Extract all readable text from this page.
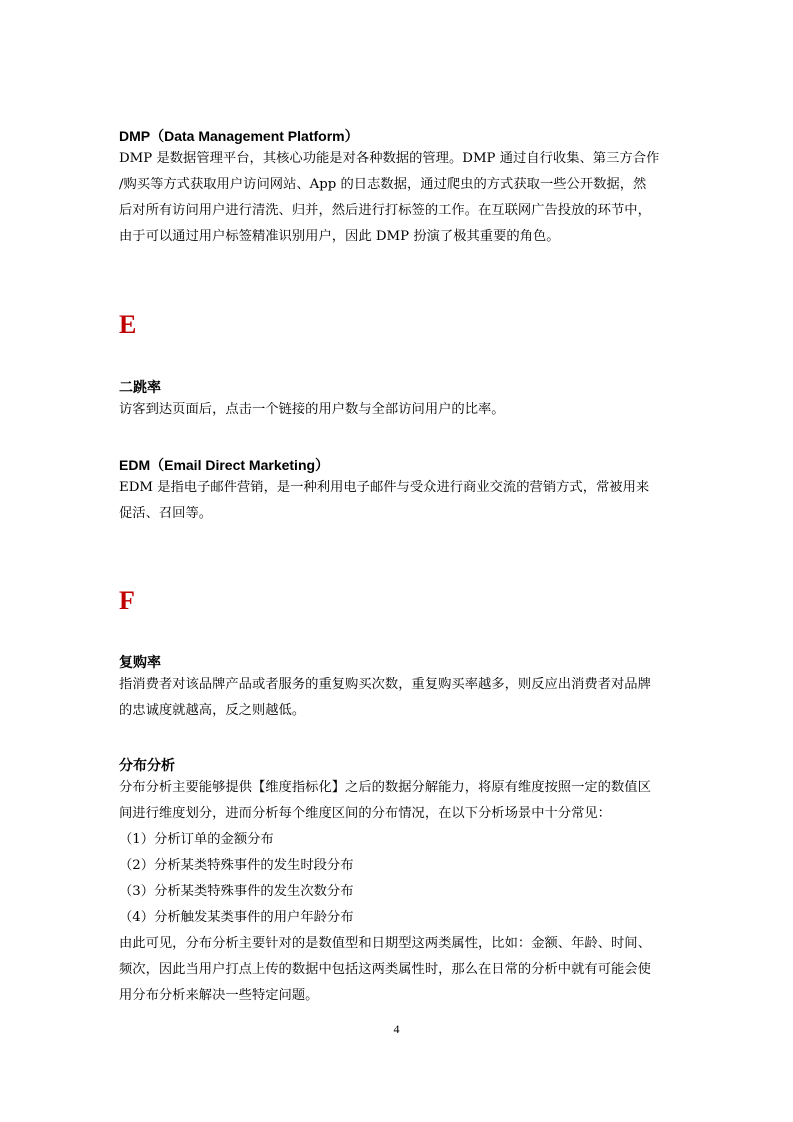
DMP（Data Management Platform）
DMP 是数据管理平台，其核心功能是对各种数据的管理。DMP 通过自行收集、第三方合作
/购买等方式获取用户访问网站、App 的日志数据，通过爬虫的方式获取一些公开数据，然
后对所有访问用户进行清洗、归并，然后进行打标签的工作。在互联网广告投放的环节中，
由于可以通过用户标签精准识别用户，因此 DMP 扮演了极其重要的角色。
E
二跳率
访客到达页面后，点击一个链接的用户数与全部访问用户的比率。
EDM（Email Direct Marketing）
EDM 是指电子邮件营销，是一种利用电子邮件与受众进行商业交流的营销方式，常被用来
促活、召回等。
F
复购率
指消费者对该品牌产品或者服务的重复购买次数，重复购买率越多，则反应出消费者对品牌
的忠诚度就越高，反之则越低。
分布分析
分布分析主要能够提供【维度指标化】之后的数据分解能力，将原有维度按照一定的数值区
间进行维度划分，进而分析每个维度区间的分布情况，在以下分析场景中十分常见：
（1）分析订单的金额分布
（2）分析某类特殊事件的发生时段分布
（3）分析某类特殊事件的发生次数分布
（4）分析触发某类事件的用户年龄分布
由此可见，分布分析主要针对的是数值型和日期型这两类属性，比如：金额、年龄、时间、
频次，因此当用户打点上传的数据中包括这两类属性时，那么在日常的分析中就有可能会使
用分布分析来解决一些特定问题。
4
